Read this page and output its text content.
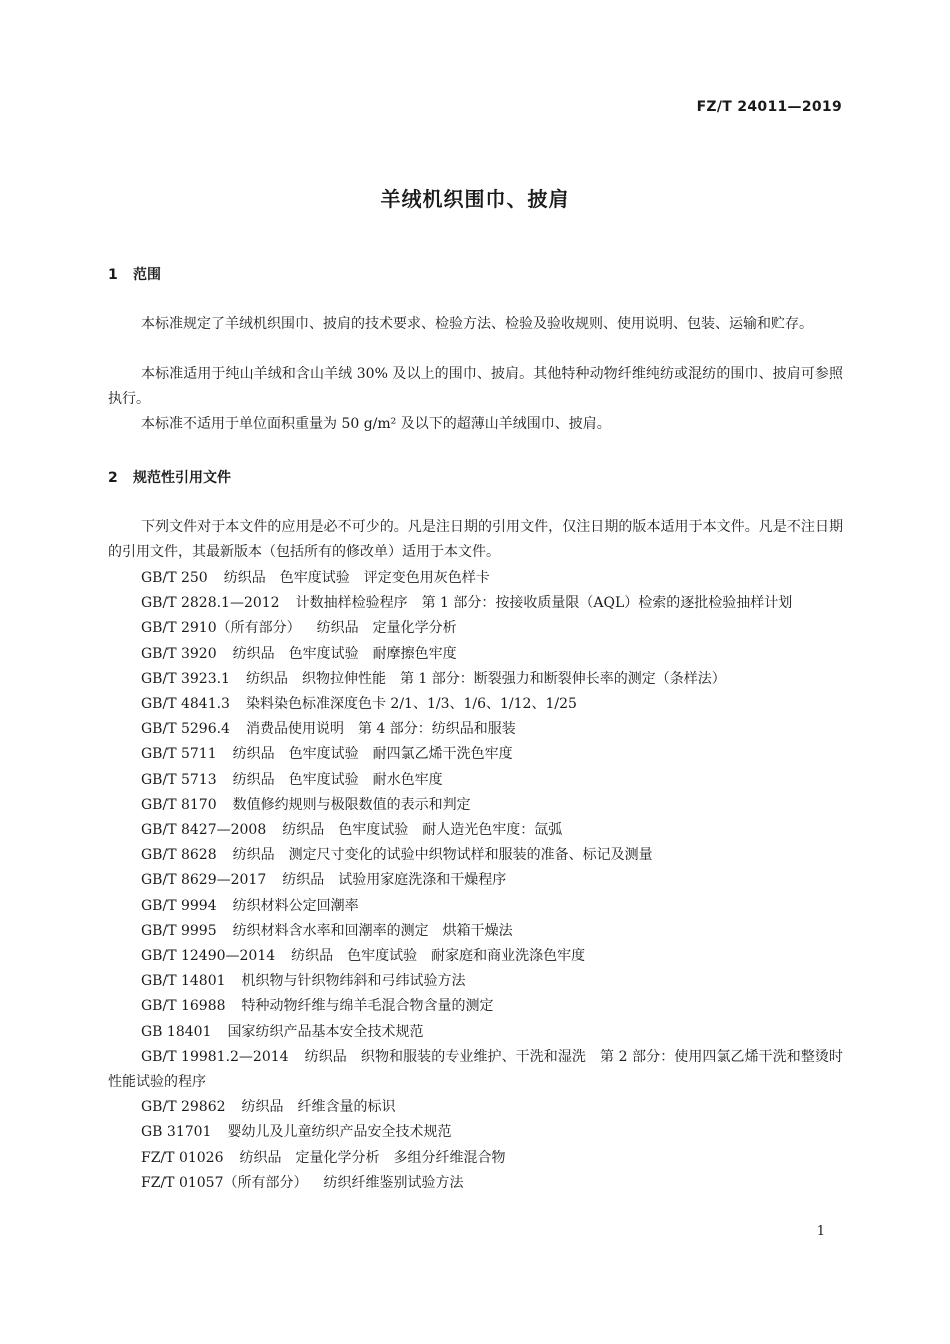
FZ/T 24011—2019
羊绒机织围巾、披肩
1 范围

本标准规定了羊绒机织围巾、披肩的技术要求、检验方法、检验及验收规则、使用说明、包装、运输和贮存。

本标准适用于纯山羊绒和含山羊绒 30% 及以上的围巾、披肩。其他特种动物纤维纯纺或混纺的围巾、披肩可参照执行。

本标准不适用于单位面积重量为 50 g/m² 及以下的超薄山羊绒围巾、披肩。

2 规范性引用文件

下列文件对于本文件的应用是必不可少的。凡是注日期的引用文件，仅注日期的版本适用于本文件。凡是不注日期的引用文件，其最新版本（包括所有的修改单）适用于本文件。

GB/T 250 纺织品　色牢度试验　评定变色用灰色样卡
GB/T 2828.1—2012 计数抽样检验程序　第 1 部分：按接收质量限（AQL）检索的逐批检验抽样计划
GB/T 2910（所有部分） 纺织品　定量化学分析
GB/T 3920 纺织品　色牢度试验　耐摩擦色牢度
GB/T 3923.1 纺织品　织物拉伸性能　第 1 部分：断裂强力和断裂伸长率的测定（条样法）
GB/T 4841.3 染料染色标准深度色卡 2/1、1/3、1/6、1/12、1/25
GB/T 5296.4 消费品使用说明　第 4 部分：纺织品和服装
GB/T 5711 纺织品　色牢度试验　耐四氯乙烯干洗色牢度
GB/T 5713 纺织品　色牢度试验　耐水色牢度
GB/T 8170 数值修约规则与极限数值的表示和判定
GB/T 8427—2008 纺织品　色牢度试验　耐人造光色牢度：氙弧
GB/T 8628 纺织品　测定尺寸变化的试验中织物试样和服装的准备、标记及测量
GB/T 8629—2017 纺织品　试验用家庭洗涤和干燥程序
GB/T 9994 纺织材料公定回潮率
GB/T 9995 纺织材料含水率和回潮率的测定　烘箱干燥法
GB/T 12490—2014 纺织品　色牢度试验　耐家庭和商业洗涤色牢度
GB/T 14801 机织物与针织物纬斜和弓纬试验方法
GB/T 16988 特种动物纤维与绵羊毛混合物含量的测定
GB 18401 国家纺织产品基本安全技术规范
GB/T 19981.2—2014 纺织品　织物和服装的专业维护、干洗和湿洗　第 2 部分：使用四氯乙烯干洗和整烫时性能试验的程序
GB/T 29862 纺织品　纤维含量的标识
GB 31701 婴幼儿及儿童纺织产品安全技术规范
FZ/T 01026 纺织品　定量化学分析　多组分纤维混合物
FZ/T 01057（所有部分） 纺织纤维鉴别试验方法
1
